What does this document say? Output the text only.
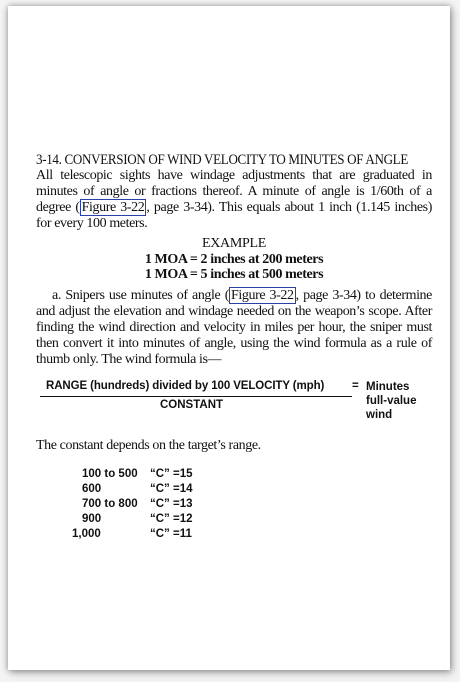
3-14. CONVERSION OF WIND VELOCITY TO MINUTES OF ANGLE

All telescopic sights have windage adjustments that are graduated in minutes of angle or fractions thereof. A minute of angle is 1/60th of a degree ( Figure 3-22 , page 3-34). This equals about 1 inch (1.145 inches) for every 100 meters.

EXAMPLE
1 MOA = 2 inches at 200 meters
1 MOA = 5 inches at 500 meters

a. Snipers use minutes of angle ( Figure 3-22 , page 3-34) to determine and adjust the elevation and windage needed on the weapon’s scope. After finding the wind direction and velocity in miles per hour, the sniper must then convert it into minutes of angle, using the wind formula as a rule of thumb only. The wind formula is—

RANGE (hundreds) divided by 100 VELOCITY (mph)
CONSTANT
= Minutes
full-value
wind

The constant depends on the target’s range.

100 to 500 “C” =15
600	“C” =14
700 to 800 “C” =13
900	“C” =12
1,000	“C” =11
